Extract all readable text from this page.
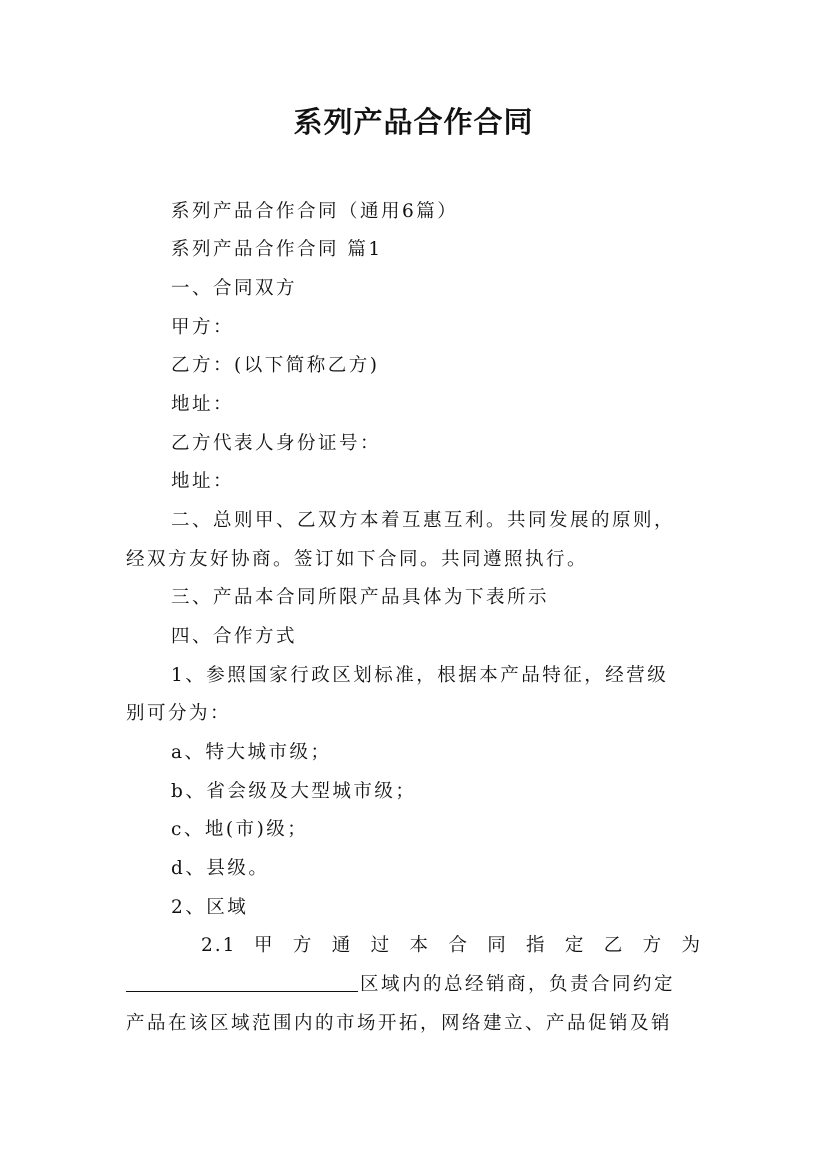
系列产品合作合同
系列产品合作合同（通用6篇）
系列产品合作合同 篇1
一、合同双方
甲方：
乙方：(以下简称乙方)
地址：
乙方代表人身份证号：
地址：
二、总则甲、乙双方本着互惠互利。共同发展的原则，
经双方友好协商。签订如下合同。共同遵照执行。
三、产品本合同所限产品具体为下表所示
四、合作方式
1、参照国家行政区划标准，根据本产品特征，经营级
别可分为：
a、特大城市级；
b、省会级及大型城市级；
c、地(市)级；
d、县级。
2、区域
2.1 甲 方 通 过 本 合 同 指 定 乙 方 为
区域内的总经销商，负责合同约定
产品在该区域范围内的市场开拓，网络建立、产品促销及销
